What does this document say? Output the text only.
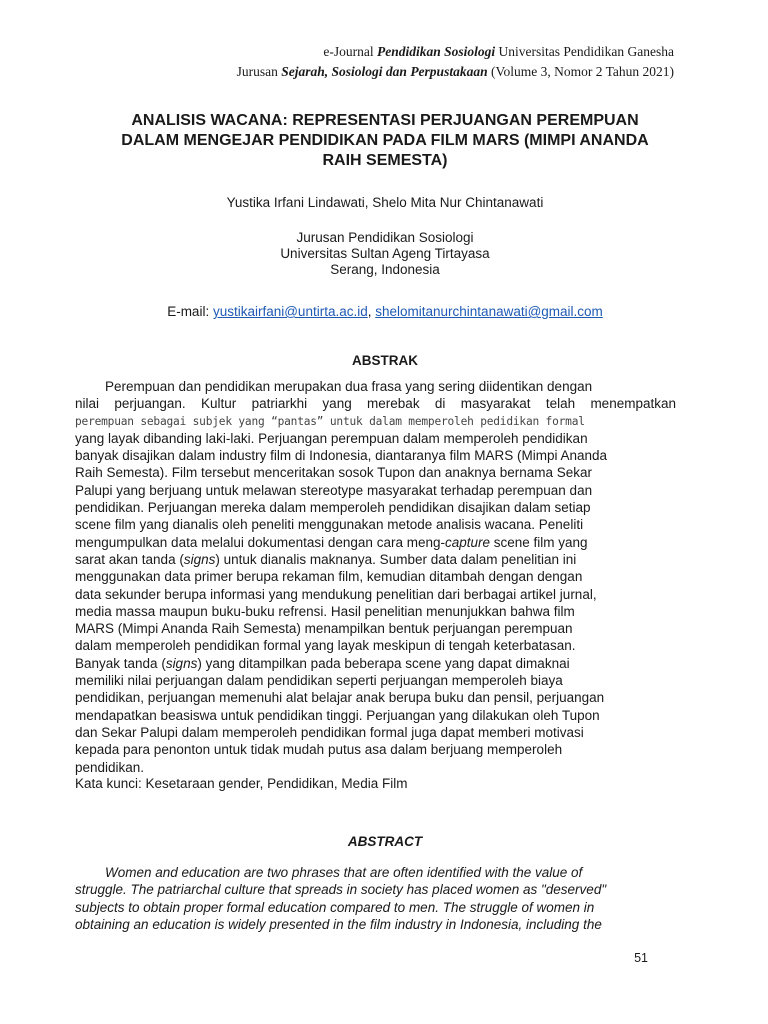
e-Journal Pendidikan Sosiologi Universitas Pendidikan Ganesha
Jurusan Sejarah, Sosiologi dan Perpustakaan (Volume 3, Nomor 2 Tahun 2021)
ANALISIS WACANA: REPRESENTASI PERJUANGAN PEREMPUAN
DALAM MENGEJAR PENDIDIKAN PADA FILM MARS (MIMPI ANANDA
RAIH SEMESTA)
Yustika Irfani Lindawati, Shelo Mita Nur Chintanawati
Jurusan Pendidikan Sosiologi
Universitas Sultan Ageng Tirtayasa
Serang, Indonesia
E-mail: yustikairfani@untirta.ac.id, shelomitanurchintanawati@gmail.com
ABSTRAK
Perempuan dan pendidikan merupakan dua frasa yang sering diidentikan dengan
nilai perjuangan. Kultur patriarkhi yang merebak di masyarakat telah menempatkan
perempuan sebagai subjek yang “pantas” untuk dalam memperoleh pedidikan formal
yang layak dibanding laki-laki. Perjuangan perempuan dalam memperoleh pendidikan
banyak disajikan dalam industry film di Indonesia, diantaranya film MARS (Mimpi Ananda
Raih Semesta). Film tersebut menceritakan sosok Tupon dan anaknya bernama Sekar
Palupi yang berjuang untuk melawan stereotype masyarakat terhadap perempuan dan
pendidikan. Perjuangan mereka dalam memperoleh pendidikan disajikan dalam setiap
scene film yang dianalis oleh peneliti menggunakan metode analisis wacana. Peneliti
mengumpulkan data melalui dokumentasi dengan cara meng-capture scene film yang
sarat akan tanda (signs) untuk dianalis maknanya. Sumber data dalam penelitian ini
menggunakan data primer berupa rekaman film, kemudian ditambah dengan dengan
data sekunder berupa informasi yang mendukung penelitian dari berbagai artikel jurnal,
media massa maupun buku-buku refrensi. Hasil penelitian menunjukkan bahwa film
MARS (Mimpi Ananda Raih Semesta) menampilkan bentuk perjuangan perempuan
dalam memperoleh pendidikan formal yang layak meskipun di tengah keterbatasan.
Banyak tanda (signs) yang ditampilkan pada beberapa scene yang dapat dimaknai
memiliki nilai perjuangan dalam pendidikan seperti perjuangan memperoleh biaya
pendidikan, perjuangan memenuhi alat belajar anak berupa buku dan pensil, perjuangan
mendapatkan beasiswa untuk pendidikan tinggi. Perjuangan yang dilakukan oleh Tupon
dan Sekar Palupi dalam memperoleh pendidikan formal juga dapat memberi motivasi
kepada para penonton untuk tidak mudah putus asa dalam berjuang memperoleh
pendidikan.
Kata kunci: Kesetaraan gender, Pendidikan, Media Film
ABSTRACT
Women and education are two phrases that are often identified with the value of
struggle. The patriarchal culture that spreads in society has placed women as "deserved"
subjects to obtain proper formal education compared to men. The struggle of women in
obtaining an education is widely presented in the film industry in Indonesia, including the
51
